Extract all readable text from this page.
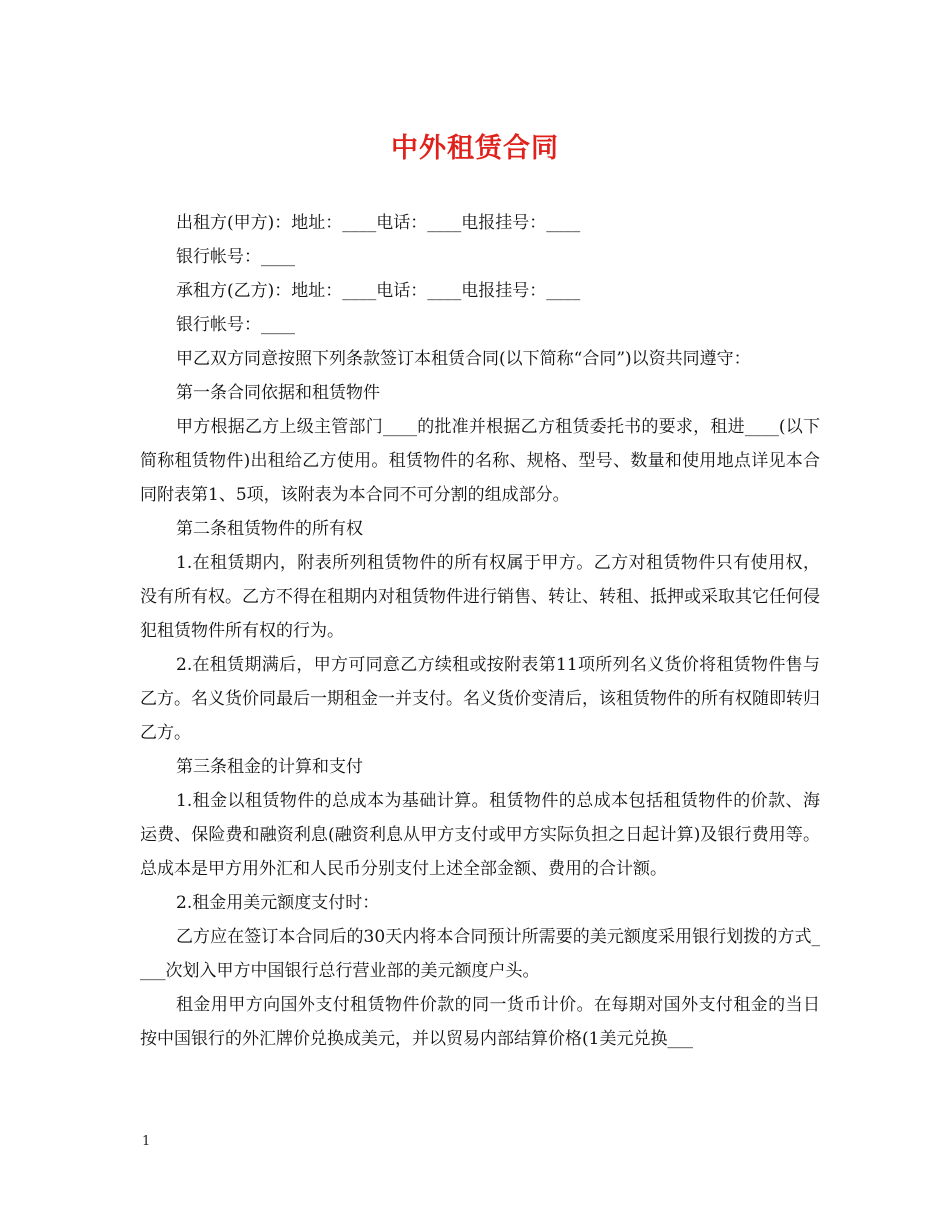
中外租赁合同

出租方(甲方)：地址：____电话：____电报挂号：____

银行帐号：____

承租方(乙方)：地址：____电话：____电报挂号：____

银行帐号：____

甲乙双方同意按照下列条款签订本租赁合同(以下简称“合同”)以资共同遵守：

第一条合同依据和租赁物件

甲方根据乙方上级主管部门____的批准并根据乙方租赁委托书的要求，租进____(以下简称租赁物件)出租给乙方使用。租赁物件的名称、规格、型号、数量和使用地点详见本合同附表第1、5项，该附表为本合同不可分割的组成部分。

第二条租赁物件的所有权

1.在租赁期内，附表所列租赁物件的所有权属于甲方。乙方对租赁物件只有使用权，没有所有权。乙方不得在租期内对租赁物件进行销售、转让、转租、抵押或采取其它任何侵犯租赁物件所有权的行为。

2.在租赁期满后，甲方可同意乙方续租或按附表第11项所列名义货价将租赁物件售与乙方。名义货价同最后一期租金一并支付。名义货价变清后，该租赁物件的所有权随即转归乙方。

第三条租金的计算和支付

1.租金以租赁物件的总成本为基础计算。租赁物件的总成本包括租赁物件的价款、海运费、保险费和融资利息(融资利息从甲方支付或甲方实际负担之日起计算)及银行费用等。总成本是甲方用外汇和人民币分别支付上述全部金额、费用的合计额。

2.租金用美元额度支付时：

乙方应在签订本合同后的30天内将本合同预计所需要的美元额度采用银行划拨的方式____次划入甲方中国银行总行营业部的美元额度户头。

租金用甲方向国外支付租赁物件价款的同一货币计价。在每期对国外支付租金的当日按中国银行的外汇牌价兑换成美元，并以贸易内部结算价格(1美元兑换___

1
